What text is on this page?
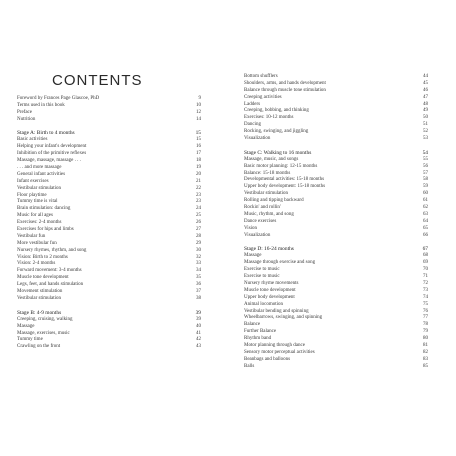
CONTENTS
Foreword by Frances Page Glascoe, PhD	9
Terms used in this book	10
Preface	12
Nutrition	14
Stage A: Birth to 4 months	15
Basic activities	15
Helping your infant's development	16
Inhibition of the primitive reflexes	17
Massage, massage, massage . . .	18
. . . and more massage	19
General infant activities	20
Infant exercises	21
Vestibular stimulation	22
Floor playtime	23
Tummy time is vital	23
Brain stimulation: dancing	24
Music for all ages	25
Exercises: 2-4 months	26
Exercises for hips and limbs	27
Vestibular fun	28
More vestibular fun	29
Nursery rhymes, rhythm, and song	30
Vision: Birth to 2 months	32
Vision: 2-4 months	33
Forward movement: 3-4 months	34
Muscle tone development	35
Legs, feet, and hands stimulation	36
Movement stimulation	37
Vestibular stimulation	38
Stage B: 4-9 months	39
Creeping, cruising, walking	39
Massage	40
Massage, exercises, music	41
Tummy time	42
Crawling on the front	43
Bottom shufflers	44
Shoulders, arms, and hands development	45
Balance through muscle tone stimulation	46
Creeping activities	47
Ladders	48
Creeping, bobbing, and thinking	49
Exercises: 10-12 months	50
Dancing	51
Rocking, swinging, and jiggling	52
Visualization	53
Stage C: Walking to 16 months	54
Massage, music, and songs	55
Basic motor planning: 12-15 months	56
Balance: 15-18 months	57
Developmental activities: 15-18 months	58
Upper body development: 15-18 months	59
Vestibular stimulation	60
Rolling and tipping backward	61
Rockin' and rollin'	62
Music, rhythm, and song	63
Dance exercises	64
Vision	65
Visualization	66
Stage D: 16-24 months	67
Massage	68
Massage through exercise and song	69
Exercise to music	70
Exercise to music	71
Nursery rhyme movements	72
Muscle tone development	73
Upper body development	74
Animal locomotion	75
Vestibular bending and spinning	76
Wheelbarrows, swinging, and spinning	77
Balance	78
Further Balance	79
Rhythm band	80
Motor planning through dance	81
Sensory motor perceptual activities	82
Beanbags and balloons	83
Balls	85
